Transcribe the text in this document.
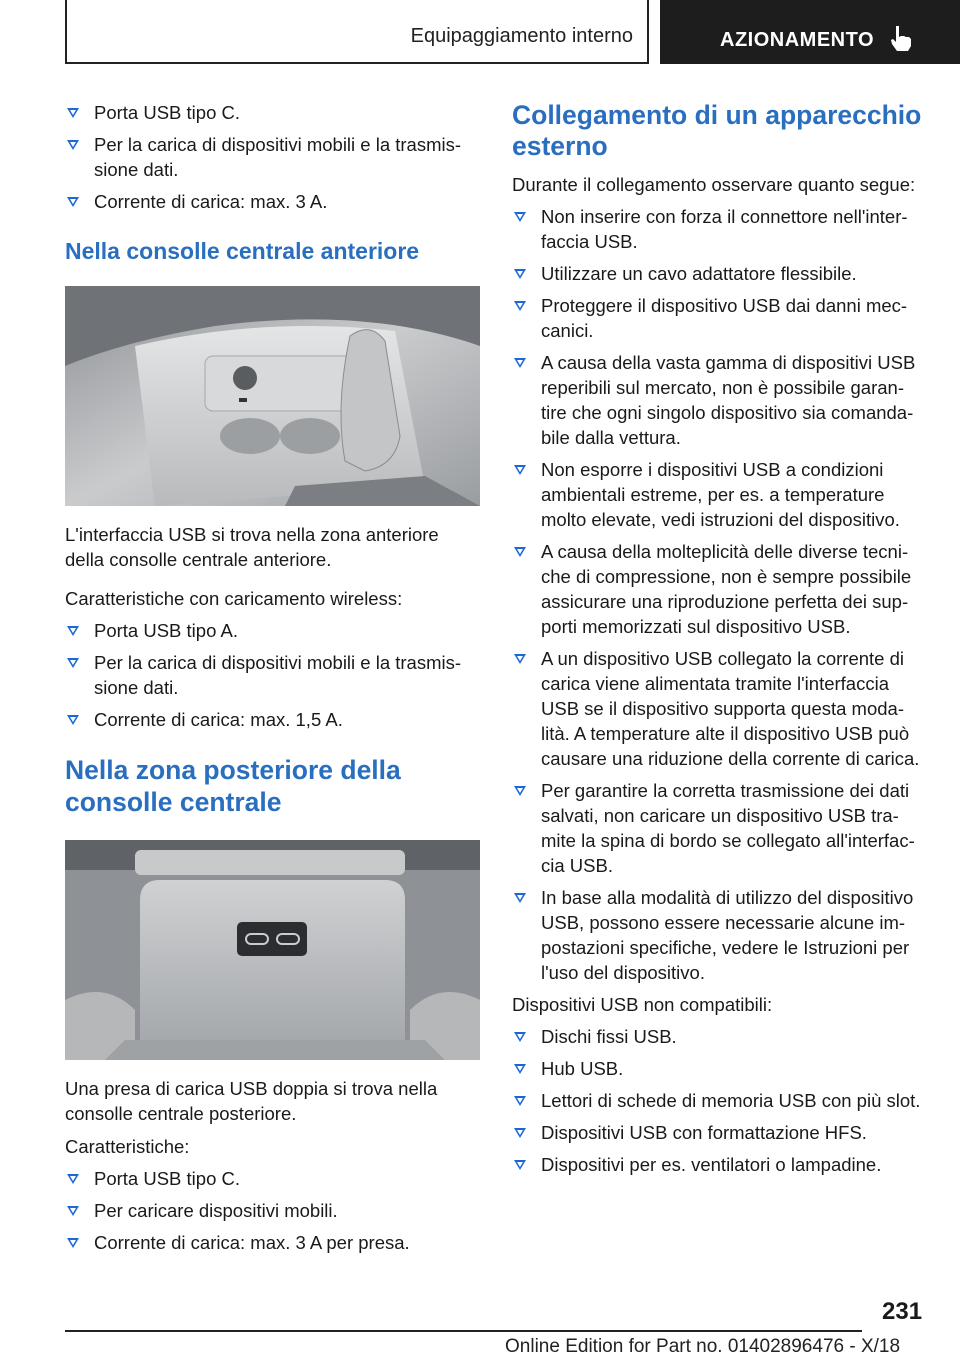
Equipaggiamento interno	AZIONAMENTO
Porta USB tipo C.
Per la carica di dispositivi mobili e la trasmis-sione dati.
Corrente di carica: max. 3 A.
Nella consolle centrale anteriore

L'interfaccia USB si trova nella zona anteriore della consolle centrale anteriore.

Caratteristiche con caricamento wireless:

Porta USB tipo A.
Per la carica di dispositivi mobili e la trasmis-sione dati.
Corrente di carica: max. 1,5 A.
Nella zona posteriore della consolle centrale

Una presa di carica USB doppia si trova nella consolle centrale posteriore.

Caratteristiche:

Porta USB tipo C.
Per caricare dispositivi mobili.
Corrente di carica: max. 3 A per presa.
Collegamento di un apparecchio esterno

Durante il collegamento osservare quanto segue:

Non inserire con forza il connettore nell'inter-faccia USB.
Utilizzare un cavo adattatore flessibile.
Proteggere il dispositivo USB dai danni mec-canici.
A causa della vasta gamma di dispositivi USB reperibili sul mercato, non è possibile garan-tire che ogni singolo dispositivo sia comanda-bile dalla vettura.
Non esporre i dispositivi USB a condizioni ambientali estreme, per es. a temperature molto elevate, vedi istruzioni del dispositivo.
A causa della molteplicità delle diverse tecni-che di compressione, non è sempre possibile assicurare una riproduzione perfetta dei sup-porti memorizzati sul dispositivo USB.
A un dispositivo USB collegato la corrente di carica viene alimentata tramite l'interfaccia USB se il dispositivo supporta questa moda-lità. A temperature alte il dispositivo USB può causare una riduzione della corrente di carica.
Per garantire la corretta trasmissione dei dati salvati, non caricare un dispositivo USB tra-mite la spina di bordo se collegato all'interfac-cia USB.
In base alla modalità di utilizzo del dispositivo USB, possono essere necessarie alcune im-postazioni specifiche, vedere le Istruzioni per l'uso del dispositivo.

Dispositivi USB non compatibili:

Dischi fissi USB.
Hub USB.
Lettori di schede di memoria USB con più slot.
Dispositivi USB con formattazione HFS.
Dispositivi per es. ventilatori o lampadine.
231
Online Edition for Part no. 01402896476 - X/18
